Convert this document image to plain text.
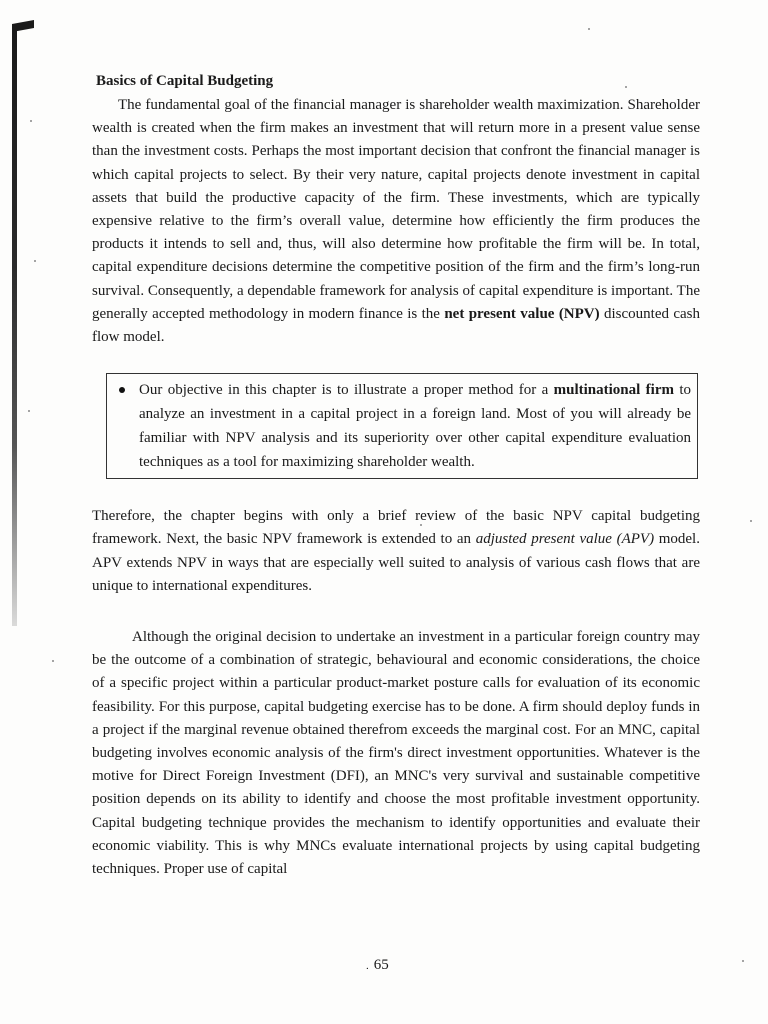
Basics of Capital Budgeting

The fundamental goal of the financial manager is shareholder wealth maximization. Shareholder wealth is created when the firm makes an investment that will return more in a present value sense than the investment costs. Perhaps the most important decision that confront the financial manager is which capital projects to select. By their very nature, capital projects denote investment in capital assets that build the productive capacity of the firm. These investments, which are typically expensive relative to the firm’s overall value, determine how efficiently the firm produces the products it intends to sell and, thus, will also determine how profitable the firm will be. In total, capital expenditure decisions determine the competitive position of the firm and the firm’s long-run survival. Consequently, a dependable framework for analysis of capital expenditure is important. The generally accepted methodology in modern finance is the net present value (NPV) discounted cash flow model.

Our objective in this chapter is to illustrate a proper method for a multinational firm to analyze an investment in a capital project in a foreign land. Most of you will already be familiar with NPV analysis and its superiority over other capital expenditure evaluation techniques as a tool for maximizing shareholder wealth.

Therefore, the chapter begins with only a brief review of the basic NPV capital budgeting framework. Next, the basic NPV framework is extended to an adjusted present value (APV) model. APV extends NPV in ways that are especially well suited to analysis of various cash flows that are unique to international expenditures.

Although the original decision to undertake an investment in a particular foreign country may be the outcome of a combination of strategic, behavioural and economic considerations, the choice of a specific project within a particular product-market posture calls for evaluation of its economic feasibility. For this purpose, capital budgeting exercise has to be done. A firm should deploy funds in a project if the marginal revenue obtained therefrom exceeds the marginal cost. For an MNC, capital budgeting involves economic analysis of the firm's direct investment opportunities. Whatever is the motive for Direct Foreign Investment (DFI), an MNC's very survival and sustainable competitive position depends on its ability to identify and choose the most profitable investment opportunity. Capital budgeting technique provides the mechanism to identify opportunities and evaluate their economic viability. This is why MNCs evaluate international projects by using capital budgeting techniques. Proper use of capital

. 65
